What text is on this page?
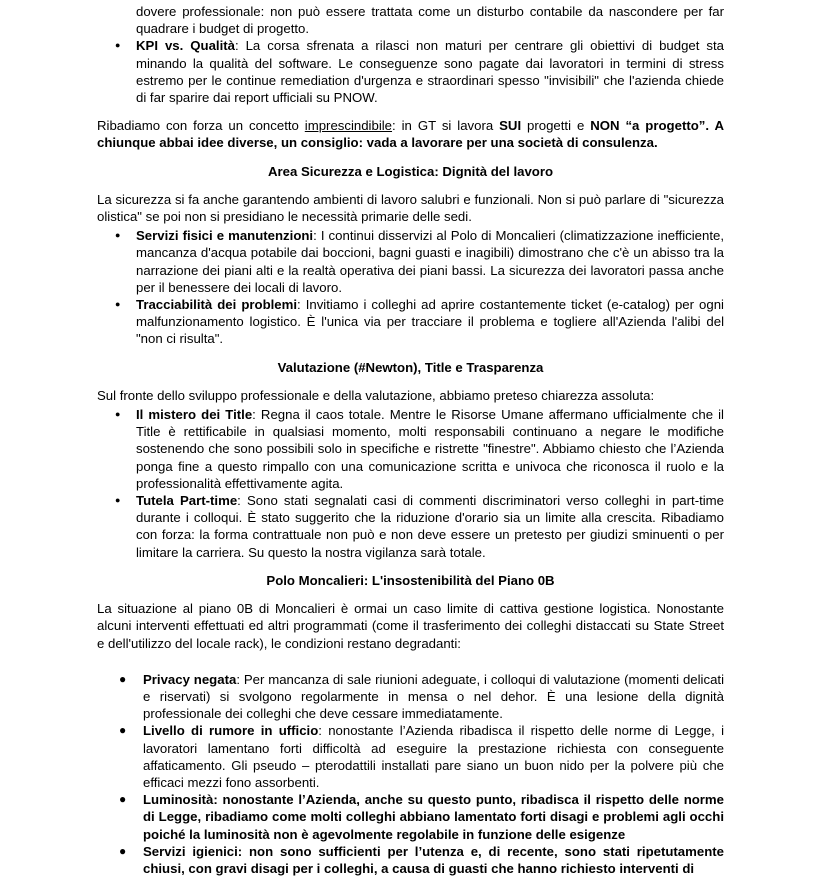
dovere professionale: non può essere trattata come un disturbo contabile da nascondere per far quadrare i budget di progetto.
●	KPI vs. Qualità: La corsa sfrenata a rilasci non maturi per centrare gli obiettivi di budget sta minando la qualità del software. Le conseguenze sono pagate dai lavoratori in termini di stress estremo per le continue remediation d'urgenza e straordinari spesso "invisibili" che l'azienda chiede di far sparire dai report ufficiali su PNOW.

Ribadiamo con forza un concetto imprescindibile: in GT si lavora SUI progetti e NON “a progetto”. A chiunque abbai idee diverse, un consiglio: vada a lavorare per una società di consulenza.

Area Sicurezza e Logistica: Dignità del lavoro

La sicurezza si fa anche garantendo ambienti di lavoro salubri e funzionali. Non si può parlare di "sicurezza olistica" se poi non si presidiano le necessità primarie delle sedi.

●	Servizi fisici e manutenzioni: I continui disservizi al Polo di Moncalieri (climatizzazione inefficiente, mancanza d'acqua potabile dai boccioni, bagni guasti e inagibili) dimostrano che c'è un abisso tra la narrazione dei piani alti e la realtà operativa dei piani bassi. La sicurezza dei lavoratori passa anche per il benessere dei locali di lavoro.
●	Tracciabilità dei problemi: Invitiamo i colleghi ad aprire costantemente ticket (e-catalog) per ogni malfunzionamento logistico. È l'unica via per tracciare il problema e togliere all'Azienda l'alibi del "non ci risulta".

Valutazione (#Newton), Title e Trasparenza

Sul fronte dello sviluppo professionale e della valutazione, abbiamo preteso chiarezza assoluta:

●	Il mistero dei Title: Regna il caos totale. Mentre le Risorse Umane affermano ufficialmente che il Title è rettificabile in qualsiasi momento, molti responsabili continuano a negare le modifiche sostenendo che sono possibili solo in specifiche e ristrette "finestre". Abbiamo chiesto che l’Azienda ponga fine a questo rimpallo con una comunicazione scritta e univoca che riconosca il ruolo e la professionalità effettivamente agita.
●	Tutela Part-time: Sono stati segnalati casi di commenti discriminatori verso colleghi in part-time durante i colloqui. È stato suggerito che la riduzione d'orario sia un limite alla crescita. Ribadiamo con forza: la forma contrattuale non può e non deve essere un pretesto per giudizi sminuenti o per limitare la carriera. Su questo la nostra vigilanza sarà totale.

Polo Moncalieri: L'insostenibilità del Piano 0B

La situazione al piano 0B di Moncalieri è ormai un caso limite di cattiva gestione logistica. Nonostante alcuni interventi effettuati ed altri programmati (come il trasferimento dei colleghi distaccati su State Street e dell'utilizzo del locale rack), le condizioni restano degradanti:

●	Privacy negata: Per mancanza di sale riunioni adeguate, i colloqui di valutazione (momenti delicati e riservati) si svolgono regolarmente in mensa o nel dehor. È una lesione della dignità professionale dei colleghi che deve cessare immediatamente.
●	Livello di rumore in ufficio: nonostante l’Azienda ribadisca il rispetto delle norme di Legge, i lavoratori lamentano forti difficoltà ad eseguire la prestazione richiesta con conseguente affaticamento. Gli pseudo – pterodattili installati pare siano un buon nido per la polvere più che efficaci mezzi fono assorbenti.
●	Luminosità: nonostante l’Azienda, anche su questo punto, ribadisca il rispetto delle norme di Legge, ribadiamo come molti colleghi abbiano lamentato forti disagi e problemi agli occhi poiché la luminosità non è agevolmente regolabile in funzione delle esigenze
●	Servizi igienici: non sono sufficienti per l’utenza e, di recente, sono stati ripetutamente chiusi, con gravi disagi per i colleghi, a causa di guasti che hanno richiesto interventi di
